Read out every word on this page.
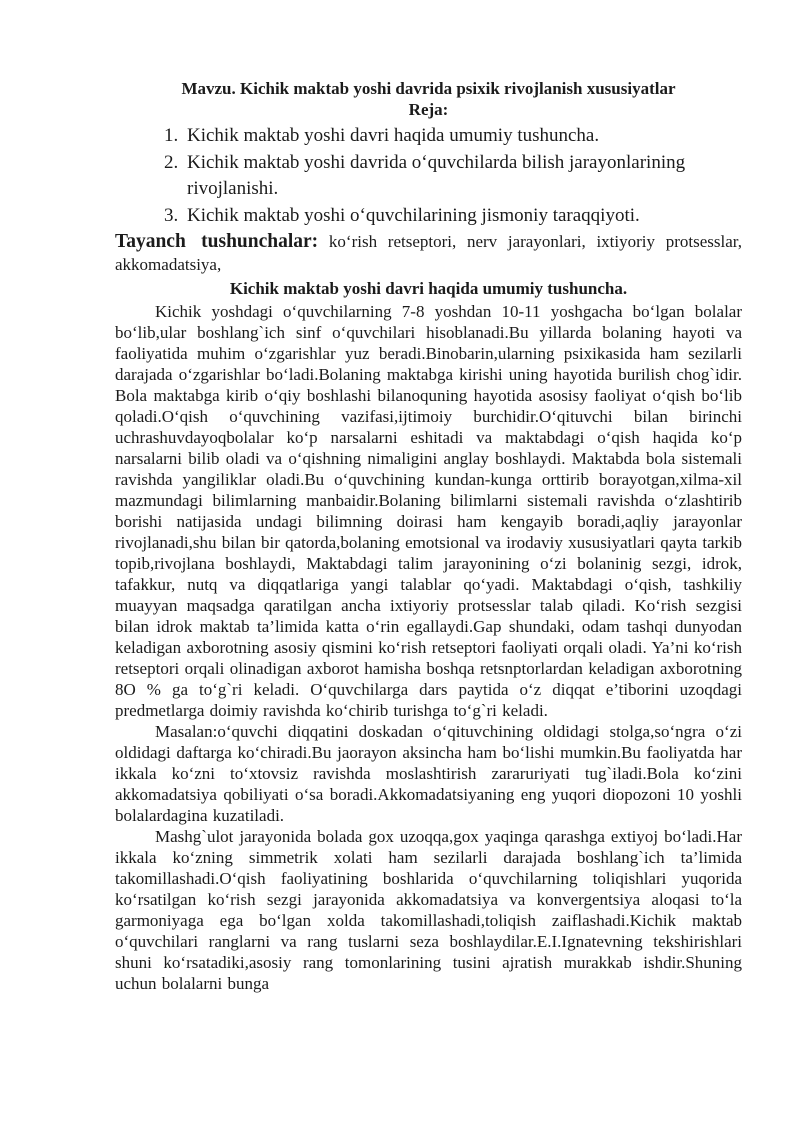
Mavzu. Kichik maktab yoshi davrida psixik rivojlanish xususiyatlar
Reja:
1. Kichik maktab yoshi davri haqida umumiy tushuncha.
2. Kichik maktab yoshi davrida o‘quvchilarda bilish jarayonlarining rivojlanishi.
3. Kichik maktab yoshi o‘quvchilarining jismoniy taraqqiyoti.

Tayanch tushunchalar: ko‘rish retseptori, nerv jarayonlari, ixtiyoriy protsesslar, akkomadatsiya,

Kichik maktab yoshi davri haqida umumiy tushuncha.

Kichik yoshdagi o‘quvchilarning 7-8 yoshdan 10-11 yoshgacha bo‘lgan bolalar bo‘lib,ular boshlang`ich sinf o‘quvchilari hisoblanadi.Bu yillarda bolaning hayoti va faoliyatida muhim o‘zgarishlar yuz beradi.Binobarin,ularning psixikasida ham sezilarli darajada o‘zgarishlar bo‘ladi.Bolaning maktabga kirishi uning hayotida burilish chog`idir. Bola maktabga kirib o‘qiy boshlashi bilanoquning hayotida asosisy faoliyat o‘qish bo‘lib qoladi.O‘qish o‘quvchining vazifasi,ijtimoiy burchidir.O‘qituvchi bilan birinchi uchrashuvdayoqbolalar ko‘p narsalarni eshitadi va maktabdagi o‘qish haqida ko‘p narsalarni bilib oladi va o‘qishning nimaligini anglay boshlaydi. Maktabda bola sistemali ravishda yangiliklar oladi.Bu o‘quvchining kundan-kunga orttirib borayotgan,xilma-xil mazmundagi bilimlarning manbaidir.Bolaning bilimlarni sistemali ravishda o‘zlashtirib borishi natijasida undagi bilimning doirasi ham kengayib boradi,aqliy jarayonlar rivojlanadi,shu bilan bir qatorda,bolaning emotsional va irodaviy xususiyatlari qayta tarkib topib,rivojlana boshlaydi, Maktabdagi talim jarayonining o‘zi bolaninig sezgi, idrok, tafakkur, nutq va diqqatlariga yangi talablar qo‘yadi. Maktabdagi o‘qish, tashkiliy muayyan maqsadga qaratilgan ancha ixtiyoriy protsesslar talab qiladi. Ko‘rish sezgisi bilan idrok maktab ta’limida katta o‘rin egallaydi.Gap shundaki, odam tashqi dunyodan keladigan axborotning asosiy qismini ko‘rish retseptori faoliyati orqali oladi. Ya’ni ko‘rish retseptori orqali olinadigan axborot hamisha boshqa retsnptorlardan keladigan axborotning 8O % ga to‘g`ri keladi. O‘quvchilarga dars paytida o‘z diqqat e’tiborini uzoqdagi predmetlarga doimiy ravishda ko‘chirib turishga to‘g`ri keladi.

Masalan:o‘quvchi diqqatini doskadan o‘qituvchining oldidagi stolga,so‘ngra o‘zi oldidagi daftarga ko‘chiradi.Bu jaorayon aksincha ham bo‘lishi mumkin.Bu faoliyatda har ikkala ko‘zni to‘xtovsiz ravishda moslashtirish zararuriyati tug`iladi.Bola ko‘zini akkomadatsiya qobiliyati o‘sa boradi.Akkomadatsiyaning eng yuqori diopozoni 10 yoshli bolalardagina kuzatiladi.

Mashg`ulot jarayonida bolada gox uzoqqa,gox yaqinga qarashga extiyoj bo‘ladi.Har ikkala ko‘zning simmetrik xolati ham sezilarli darajada boshlang`ich ta’limida takomillashadi.O‘qish faoliyatining boshlarida o‘quvchilarning toliqishlari yuqorida ko‘rsatilgan ko‘rish sezgi jarayonida akkomadatsiya va konvergentsiya aloqasi to‘la garmoniyaga ega bo‘lgan xolda takomillashadi,toliqish zaiflashadi.Kichik maktab o‘quvchilari ranglarni va rang tuslarni seza boshlaydilar.E.I.Ignatevning tekshirishlari shuni ko‘rsatadiki,asosiy rang tomonlarining tusini ajratish murakkab ishdir.Shuning uchun bolalarni bunga
